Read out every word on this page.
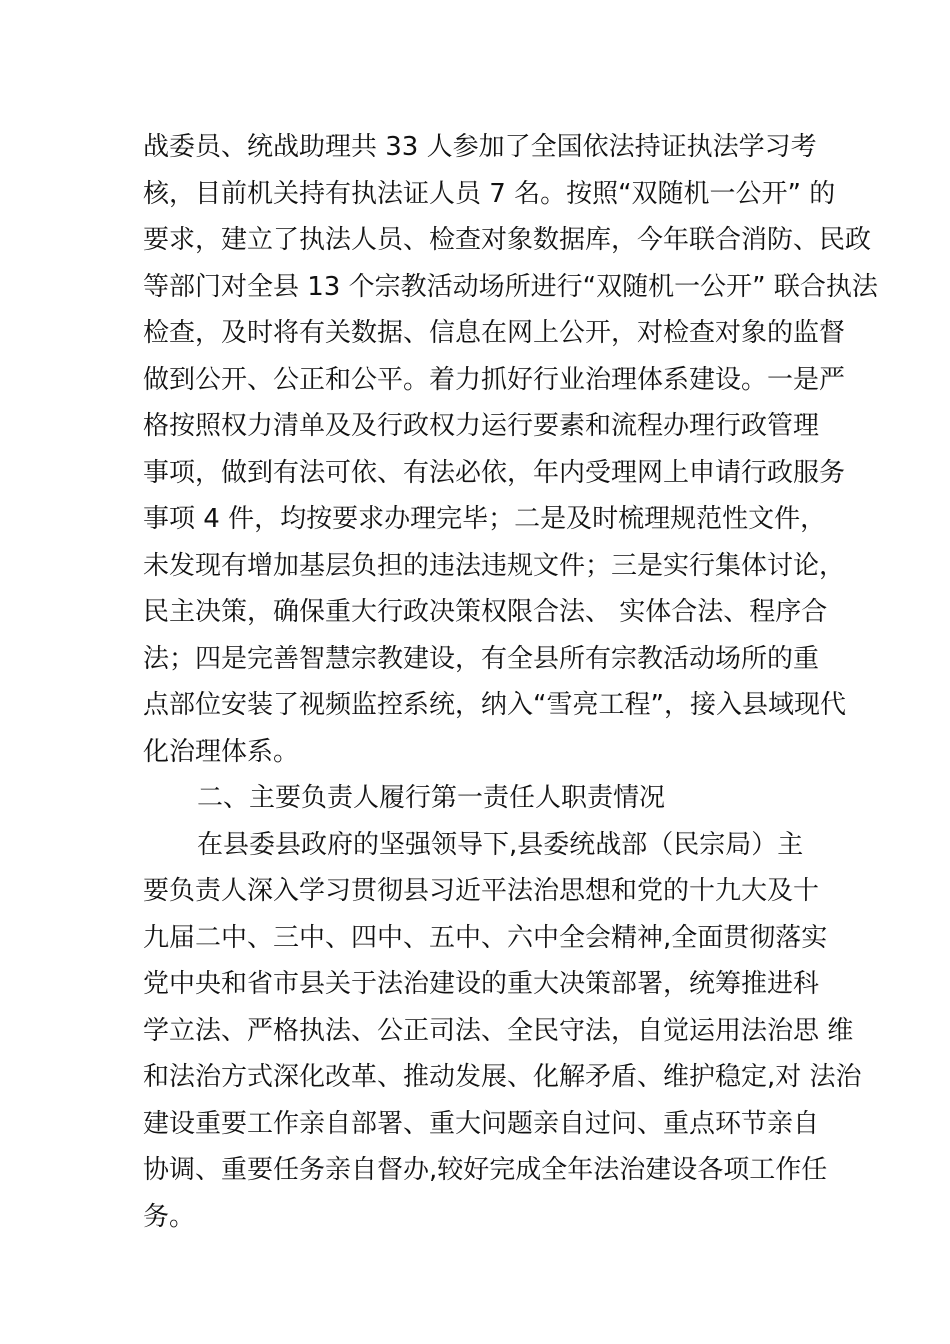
战委员、统战助理共 33 人参加了全国依法持证执法学习考
核，目前机关持有执法证人员 7 名。按照“双随机一公开” 的
要求，建立了执法人员、检查对象数据库，今年联合消防、民政
等部门对全县 13 个宗教活动场所进行“双随机一公开” 联合执法
检查，及时将有关数据、信息在网上公开，对检查对象的监督
做到公开、公正和公平。着力抓好行业治理体系建设。一是严
格按照权力清单及及行政权力运行要素和流程办理行政管理
事项，做到有法可依、有法必依，年内受理网上申请行政服务
事项 4 件，均按要求办理完毕；二是及时梳理规范性文件，
未发现有增加基层负担的违法违规文件；三是实行集体讨论，
民主决策，确保重大行政决策权限合法、 实体合法、程序合
法；四是完善智慧宗教建设，有全县所有宗教活动场所的重
点部位安装了视频监控系统，纳入“雪亮工程”，接入县域现代
化治理体系。
二、主要负责人履行第一责任人职责情况
在县委县政府的坚强领导下,县委统战部（民宗局）主
要负责人深入学习贯彻县习近平法治思想和党的十九大及十
九届二中、三中、四中、五中、六中全会精神,全面贯彻落实
党中央和省市县关于法治建设的重大决策部署，统筹推进科
学立法、严格执法、公正司法、全民守法，自觉运用法治思 维
和法治方式深化改革、推动发展、化解矛盾、维护稳定,对 法治
建设重要工作亲自部署、重大问题亲自过问、重点环节亲自
协调、重要任务亲自督办,较好完成全年法治建设各项工作任
务。
